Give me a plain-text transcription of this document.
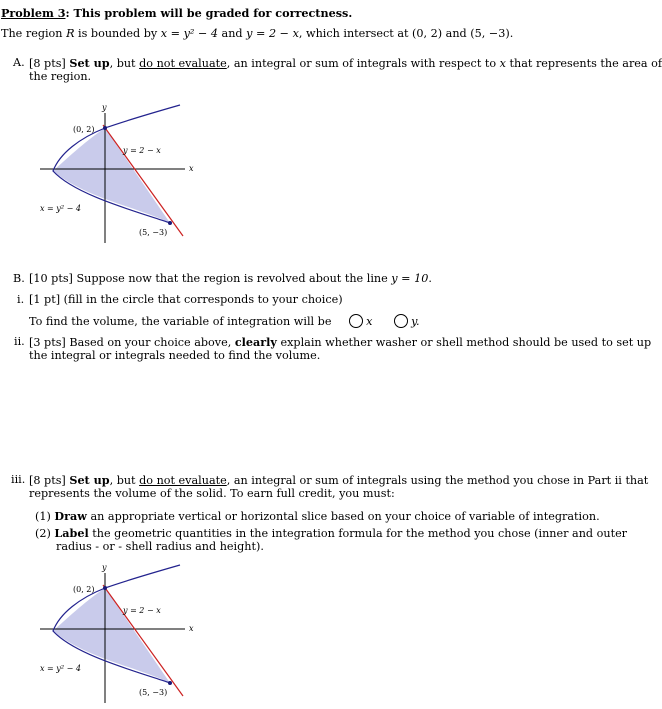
Problem 3: This problem will be graded for correctness.
The region R is bounded by x = y² − 4 and y = 2 − x, which intersect at (0, 2) and (5, −3).
A. [8 pts] Set up, but do not evaluate, an integral or sum of integrals with respect to x that represents the area of
the region.
y
x
(0, 2)
(5, −3)
y = 2 − x
x = y² − 4
B. [10 pts] Suppose now that the region is revolved about the line y = 10.
i. [1 pt] (fill in the circle that corresponds to your choice)
To find the volume, the variable of integration will be	x	y.
ii. [3 pts] Based on your choice above, clearly explain whether washer or shell method should be used to set up
the integral or integrals needed to find the volume.
iii. [8 pts] Set up, but do not evaluate, an integral or sum of integrals using the method you chose in Part ii that
represents the volume of the solid. To earn full credit, you must:
(1) Draw an appropriate vertical or horizontal slice based on your choice of variable of integration.
(2) Label the geometric quantities in the integration formula for the method you chose (inner and outer
radius - or - shell radius and height).
y
x
(0, 2)
(5, −3)
y = 2 − x
x = y² − 4
